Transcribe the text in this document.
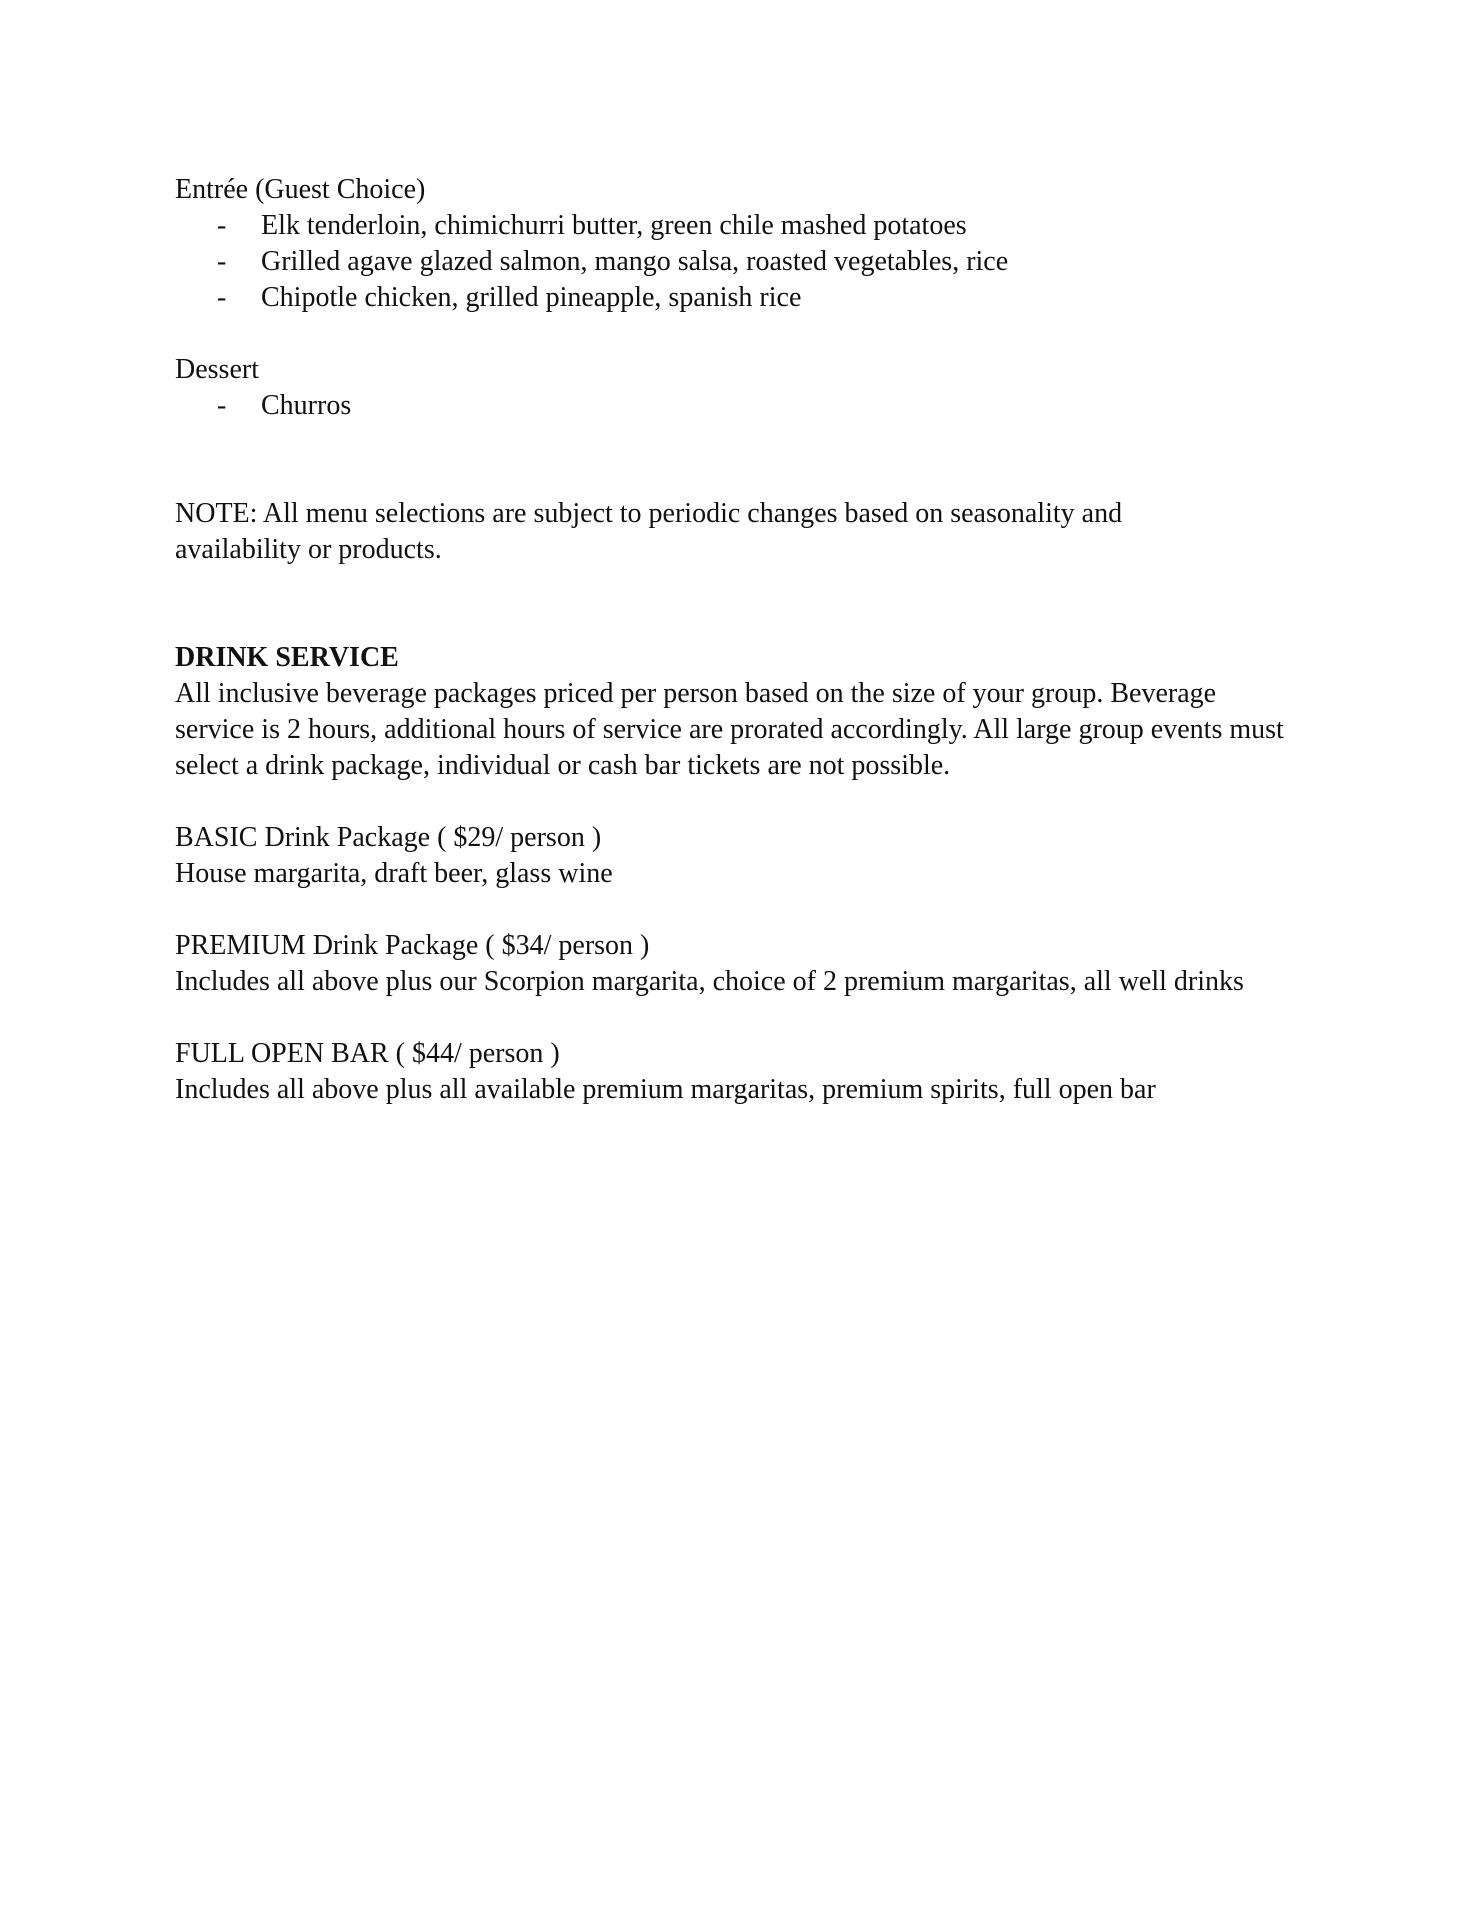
Entrée (Guest Choice)

- Elk tenderloin, chimichurri butter, green chile mashed potatoes
- Grilled agave glazed salmon, mango salsa, roasted vegetables, rice
- Chipotle chicken, grilled pineapple, spanish rice

Dessert

- Churros

NOTE: All menu selections are subject to periodic changes based on seasonality and availability or products.

DRINK SERVICE

All inclusive beverage packages priced per person based on the size of your group. Beverage service is 2 hours, additional hours of service are prorated accordingly. All large group events must select a drink package, individual or cash bar tickets are not possible.

BASIC Drink Package ( $29/ person )

House margarita, draft beer, glass wine

PREMIUM Drink Package ( $34/ person )

Includes all above plus our Scorpion margarita, choice of 2 premium margaritas, all well drinks

FULL OPEN BAR ( $44/ person )

Includes all above plus all available premium margaritas, premium spirits, full open bar
